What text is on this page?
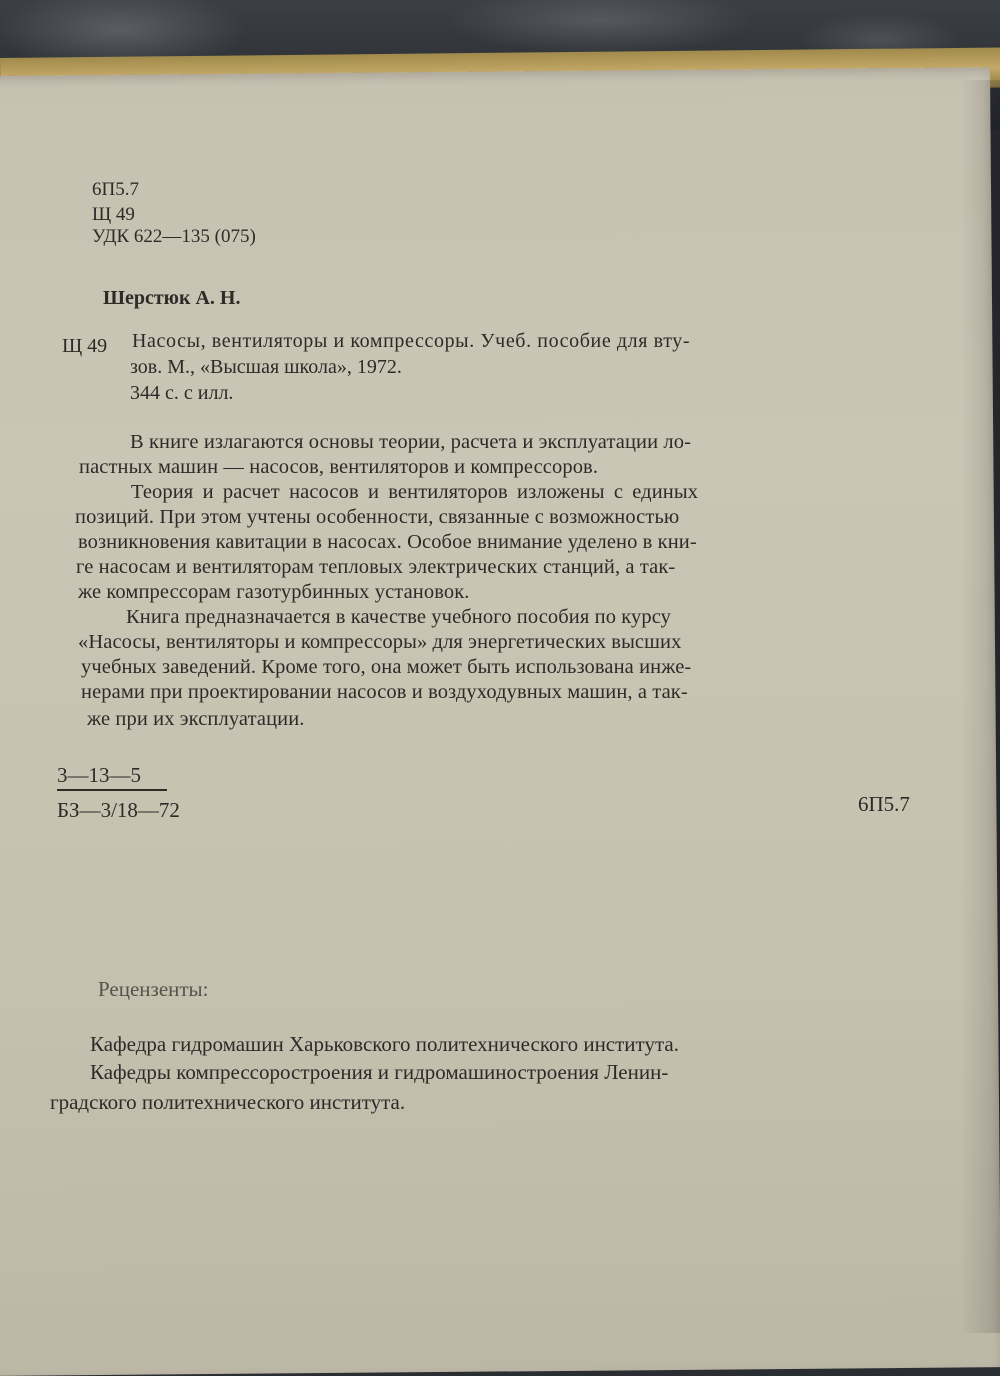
6П5.7
Щ 49
УДК 622—135 (075)
Шерстюк А. Н.
Щ 49 Насосы, вентиляторы и компрессоры. Учеб. пособие для вту-
зов. М., «Высшая школа», 1972.
344 с. с илл.
В книге излагаются основы теории, расчета и эксплуатации ло-
пастных машин — насосов, вентиляторов и компрессоров.
Теория и расчет насосов и вентиляторов изложены с единых
позиций. При этом учтены особенности, связанные с возможностью
возникновения кавитации в насосах. Особое внимание уделено в кни-
ге насосам и вентиляторам тепловых электрических станций, а так-
же компрессорам газотурбинных установок.
Книга предназначается в качестве учебного пособия по курсу
«Насосы, вентиляторы и компрессоры» для энергетических высших
учебных заведений. Кроме того, она может быть использована инже-
нерами при проектировании насосов и воздуходувных машин, а так-
же при их эксплуатации.
3—13—5
БЗ—3/18—72	6П5.7
Рецензенты:
Кафедра гидромашин Харьковского политехнического института.
Кафедры компрессоростроения и гидромашиностроения Ленин-
градского политехнического института.
